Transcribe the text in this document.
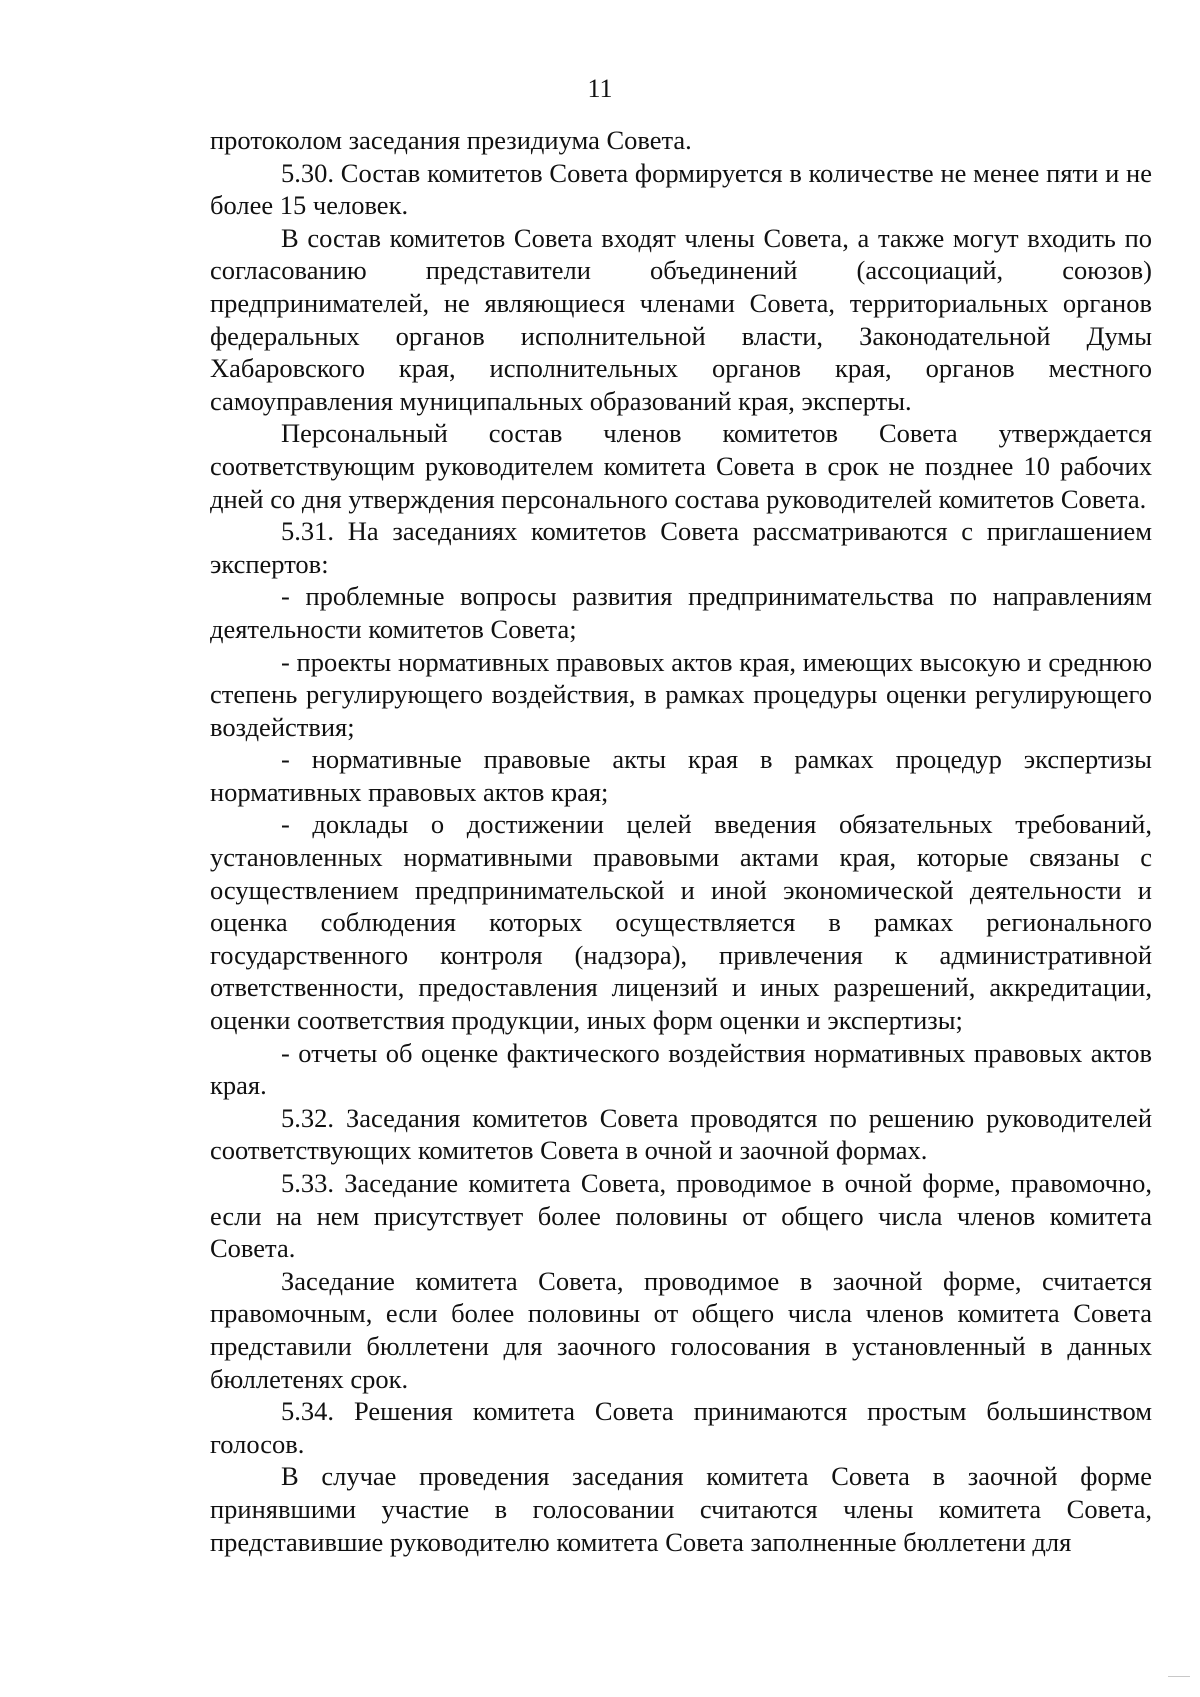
11

протоколом заседания президиума Совета.

5.30. Состав комитетов Совета формируется в количестве не менее пяти и не более 15 человек.

В состав комитетов Совета входят члены Совета, а также могут входить по согласованию представители объединений (ассоциаций, союзов) предпринимателей, не являющиеся членами Совета, территориальных органов федеральных органов исполнительной власти, Законодательной Думы Хабаровского края, исполнительных органов края, органов местного самоуправления муниципальных образований края, эксперты.

Персональный состав членов комитетов Совета утверждается соответствующим руководителем комитета Совета в срок не позднее 10 рабочих дней со дня утверждения персонального состава руководителей комитетов Совета.

5.31. На заседаниях комитетов Совета рассматриваются с приглашением экспертов:

- проблемные вопросы развития предпринимательства по направлениям деятельности комитетов Совета;

- проекты нормативных правовых актов края, имеющих высокую и среднюю степень регулирующего воздействия, в рамках процедуры оценки регулирующего воздействия;

- нормативные правовые акты края в рамках процедур экспертизы нормативных правовых актов края;

- доклады о достижении целей введения обязательных требований, установленных нормативными правовыми актами края, которые связаны с осуществлением предпринимательской и иной экономической деятельности и оценка соблюдения которых осуществляется в рамках регионального государственного контроля (надзора), привлечения к административной ответственности, предоставления лицензий и иных разрешений, аккредитации, оценки соответствия продукции, иных форм оценки и экспертизы;

- отчеты об оценке фактического воздействия нормативных правовых актов края.

5.32. Заседания комитетов Совета проводятся по решению руководителей соответствующих комитетов Совета в очной и заочной формах.

5.33. Заседание комитета Совета, проводимое в очной форме, правомочно, если на нем присутствует более половины от общего числа членов комитета Совета.

Заседание комитета Совета, проводимое в заочной форме, считается правомочным, если более половины от общего числа членов комитета Совета представили бюллетени для заочного голосования в установленный в данных бюллетенях срок.

5.34. Решения комитета Совета принимаются простым большинством голосов.

В случае проведения заседания комитета Совета в заочной форме принявшими участие в голосовании считаются члены комитета Совета, представившие руководителю комитета Совета заполненные бюллетени для
